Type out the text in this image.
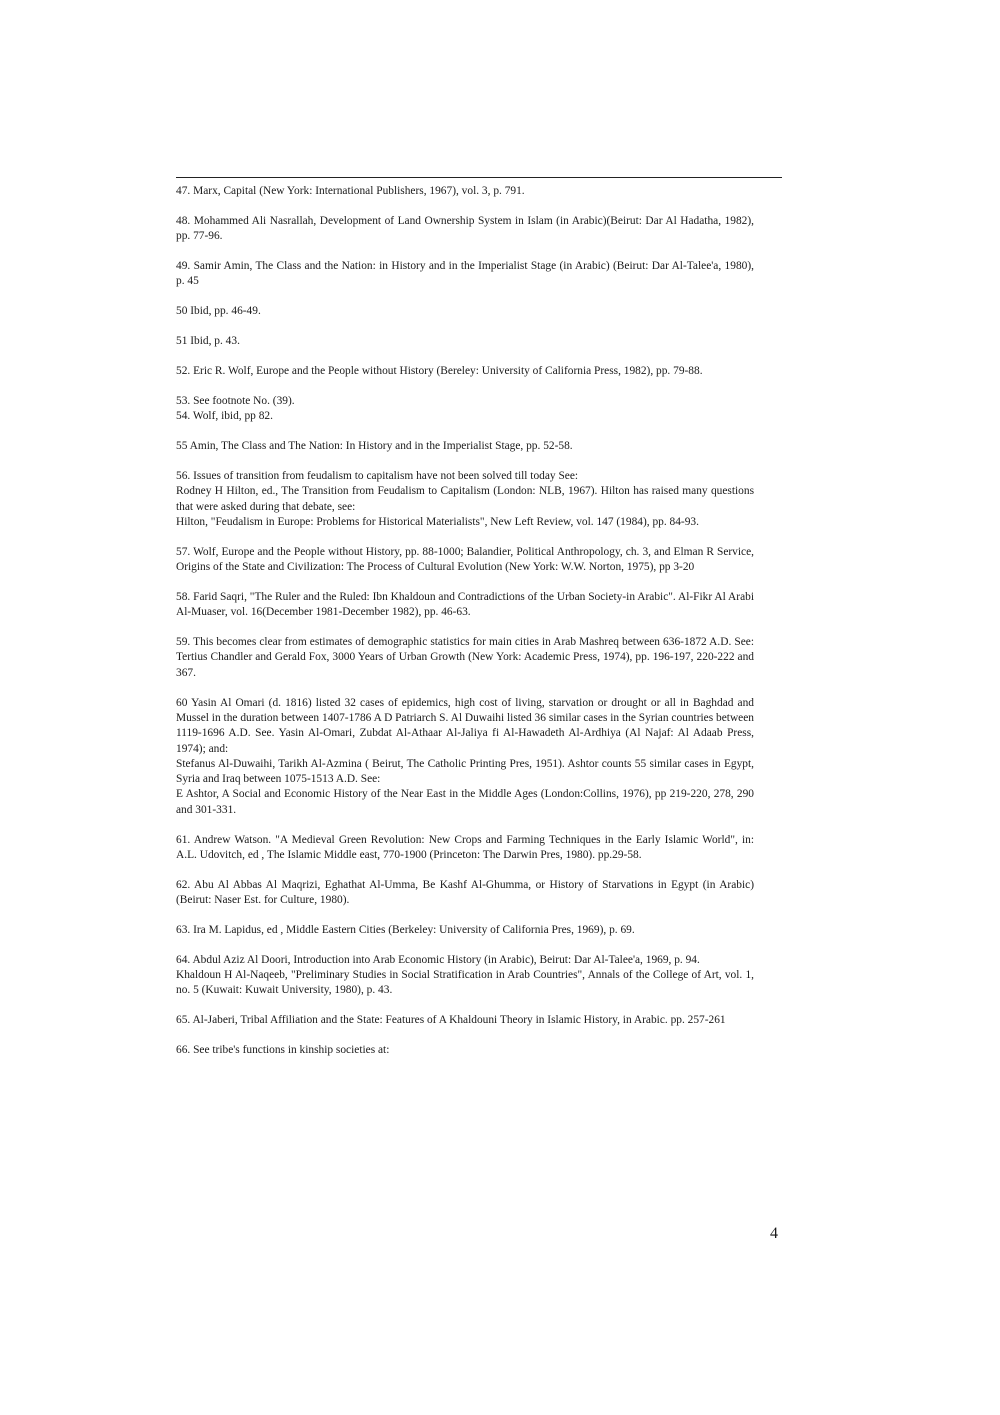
47. Marx, Capital (New York: International Publishers, 1967), vol. 3, p. 791.

48. Mohammed Ali Nasrallah, Development of Land Ownership System in Islam (in Arabic)(Beirut: Dar Al Hadatha, 1982), pp. 77-96.

49. Samir Amin, The Class and the Nation: in History and in the Imperialist Stage (in Arabic) (Beirut: Dar Al-Talee'a, 1980), p. 45

50 Ibid, pp. 46-49.

51 Ibid, p. 43.

52. Eric R. Wolf, Europe and the People without History (Bereley: University of California Press, 1982), pp. 79-88.

53. See footnote No. (39).

54. Wolf, ibid, pp 82.

55 Amin, The Class and The Nation: In History and in the Imperialist Stage, pp. 52-58.

56. Issues of transition from feudalism to capitalism have not been solved till today See:

Rodney H Hilton, ed., The Transition from Feudalism to Capitalism (London: NLB, 1967). Hilton has raised many questions that were asked during that debate, see:

Hilton, "Feudalism in Europe: Problems for Historical Materialists", New Left Review, vol. 147 (1984), pp. 84-93.

57. Wolf, Europe and the People without History, pp. 88-1000; Balandier, Political Anthropology, ch. 3, and Elman R Service, Origins of the State and Civilization: The Process of Cultural Evolution (New York: W.W. Norton, 1975), pp 3-20

58. Farid Saqri, "The Ruler and the Ruled: Ibn Khaldoun and Contradictions of the Urban Society-in Arabic". Al-Fikr Al Arabi Al-Muaser, vol. 16(December 1981-December 1982), pp. 46-63.

59. This becomes clear from estimates of demographic statistics for main cities in Arab Mashreq between 636-1872 A.D. See: Tertius Chandler and Gerald Fox, 3000 Years of Urban Growth (New York: Academic Press, 1974), pp. 196-197, 220-222 and 367.

60 Yasin Al Omari (d. 1816) listed 32 cases of epidemics, high cost of living, starvation or drought or all in Baghdad and Mussel in the duration between 1407-1786 A D Patriarch S. Al Duwaihi listed 36 similar cases in the Syrian countries between 1119-1696 A.D. See. Yasin Al-Omari, Zubdat Al-Athaar Al-Jaliya fi Al-Hawadeth Al-Ardhiya (Al Najaf: Al Adaab Press, 1974); and:

Stefanus Al-Duwaihi, Tarikh Al-Azmina ( Beirut, The Catholic Printing Pres, 1951). Ashtor counts 55 similar cases in Egypt, Syria and Iraq between 1075-1513 A.D. See:

E Ashtor, A Social and Economic History of the Near East in the Middle Ages (London:Collins, 1976), pp 219-220, 278, 290 and 301-331.

61. Andrew Watson. "A Medieval Green Revolution: New Crops and Farming Techniques in the Early Islamic World", in: A.L. Udovitch, ed , The Islamic Middle east, 770-1900 (Princeton: The Darwin Pres, 1980). pp.29-58.

62. Abu Al Abbas Al Maqrizi, Eghathat Al-Umma, Be Kashf Al-Ghumma, or History of Starvations in Egypt (in Arabic) (Beirut: Naser Est. for Culture, 1980).

63. Ira M. Lapidus, ed , Middle Eastern Cities (Berkeley: University of California Pres, 1969), p. 69.

64. Abdul Aziz Al Doori, Introduction into Arab Economic History (in Arabic), Beirut: Dar Al-Talee'a, 1969, p. 94.

Khaldoun H Al-Naqeeb, "Preliminary Studies in Social Stratification in Arab Countries", Annals of the College of Art, vol. 1, no. 5 (Kuwait: Kuwait University, 1980), p. 43.

65. Al-Jaberi, Tribal Affiliation and the State: Features of A Khaldouni Theory in Islamic History, in Arabic. pp. 257-261

66. See tribe's functions in kinship societies at:

4
